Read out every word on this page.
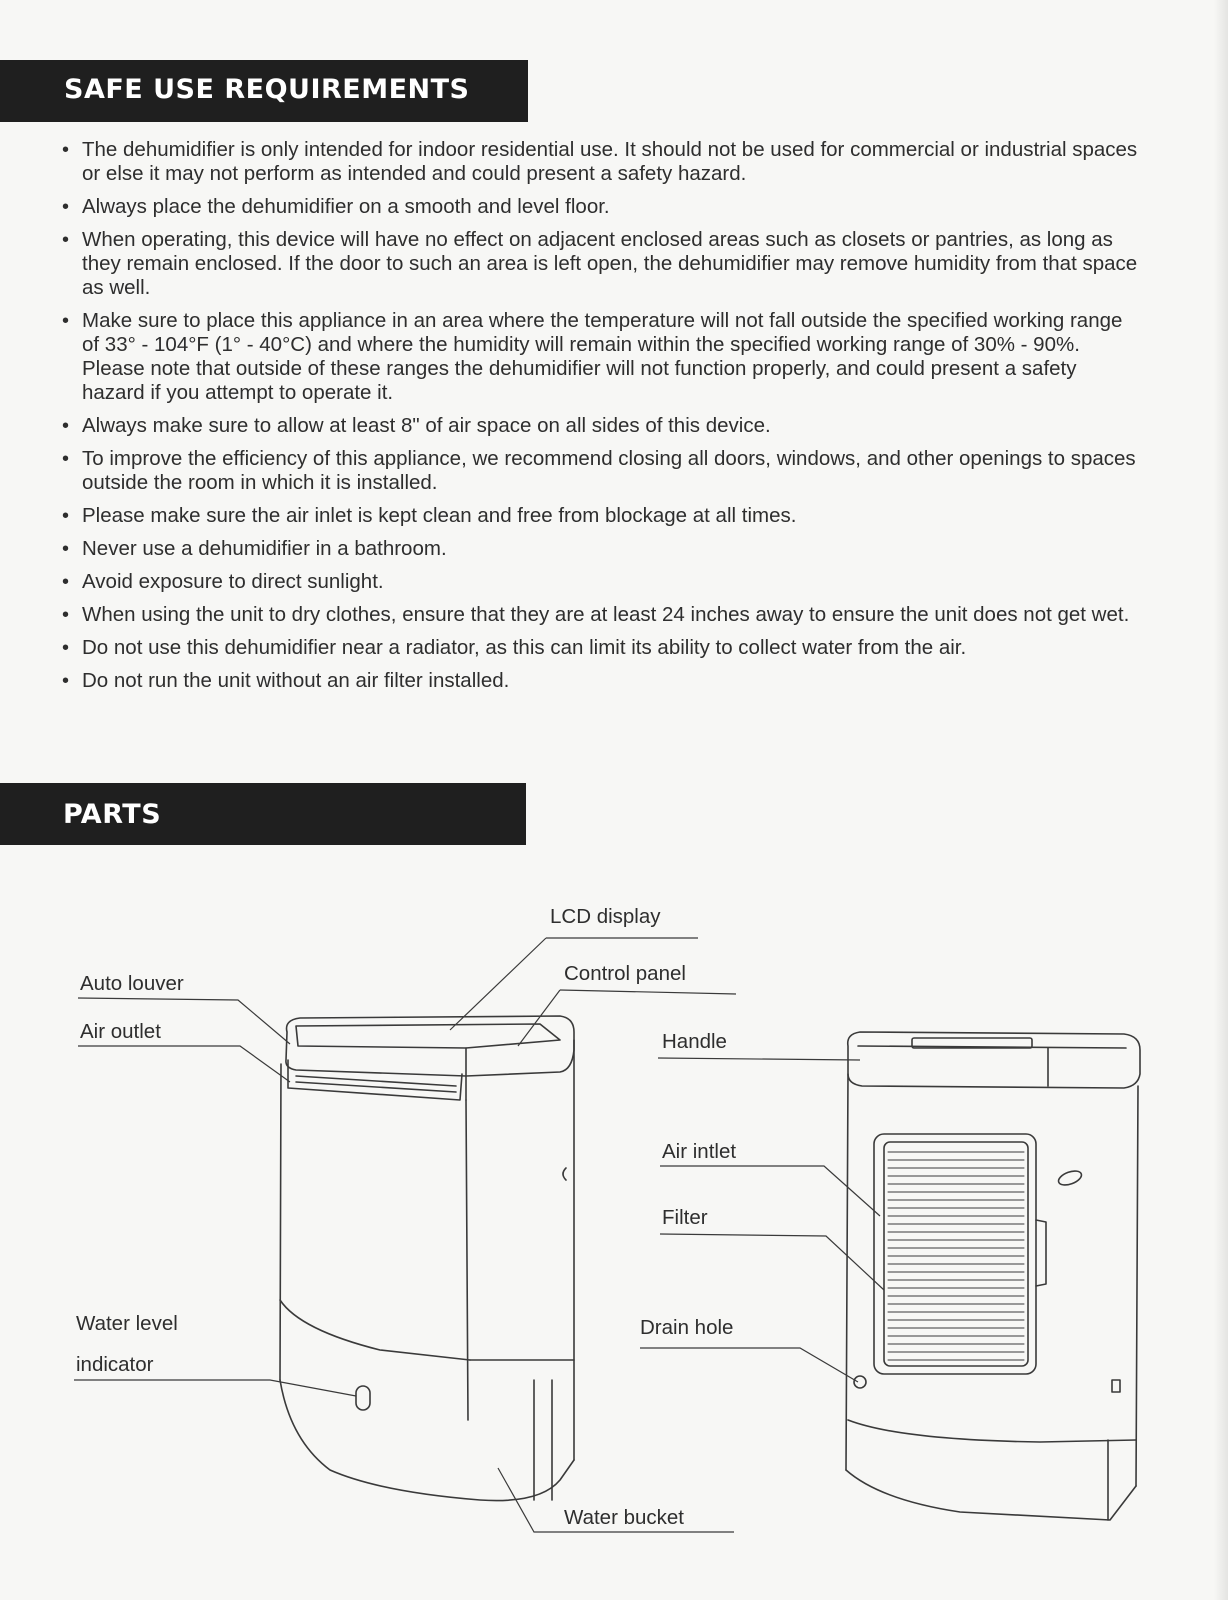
SAFE USE REQUIREMENTS
• The dehumidifier is only intended for indoor residential use. It should not be used for commercial or industrial spaces or else it may not perform as intended and could present a safety hazard.
• Always place the dehumidifier on a smooth and level floor.
• When operating, this device will have no effect on adjacent enclosed areas such as closets or pantries, as long as they remain enclosed. If the door to such an area is left open, the dehumidifier may remove humidity from that space as well.
• Make sure to place this appliance in an area where the temperature will not fall outside the specified working range of 33° - 104°F (1° - 40°C) and where the humidity will remain within the specified working range of 30% - 90%. Please note that outside of these ranges the dehumidifier will not function properly, and could present a safety hazard if you attempt to operate it.
• Always make sure to allow at least 8" of air space on all sides of this device.
• To improve the efficiency of this appliance, we recommend closing all doors, windows, and other openings to spaces outside the room in which it is installed.
• Please make sure the air inlet is kept clean and free from blockage at all times.
• Never use a dehumidifier in a bathroom.
• Avoid exposure to direct sunlight.
• When using the unit to dry clothes, ensure that they are at least 24 inches away to ensure the unit does not get wet.
• Do not use this dehumidifier near a radiator, as this can limit its ability to collect water from the air.
• Do not run the unit without an air filter installed.
PARTS
LCD display
Control panel
Auto louver
Air outlet	Handle
Air intlet
Filter
Water level
indicator
Drain hole
Water bucket
